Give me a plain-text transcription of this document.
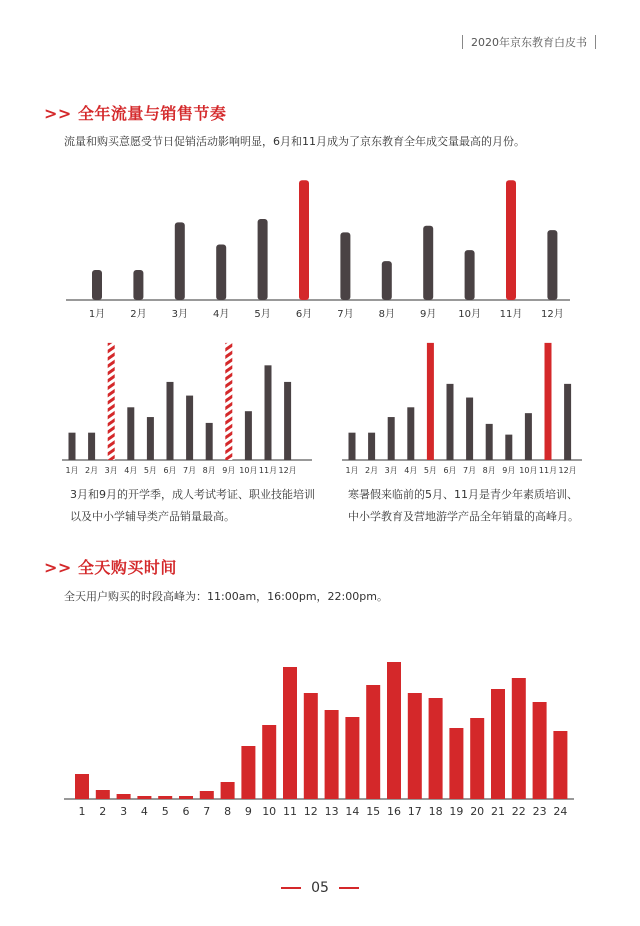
2020年京东教育白皮书
>> 全年流量与销售节奏
流量和购买意愿受节日促销活动影响明显，6月和11月成为了京东教育全年成交量最高的月份。
1月	2月	3月	4月	5月	6月	7月	8月	9月 10月 11月 12月
1月 2月 3月 4月 5月 6月 7月 8月 9月 10月 11月 12月	1月 2月 3月 4月 5月 6月 7月 8月 9月 10月 11月 12月
3月和9月的开学季，成人考试考证、职业技能培训
以及中小学辅导类产品销量最高。
寒暑假来临前的5月、11月是青少年素质培训、
中小学教育及营地游学产品全年销量的高峰月。
>> 全天购买时间
全天用户购买的时段高峰为：11:00am，16:00pm，22:00pm。
1 2 3 4 5 6 7 8 9 10 11 12 13 14 15 16 17 18 19 20 21 22 23 24
05
